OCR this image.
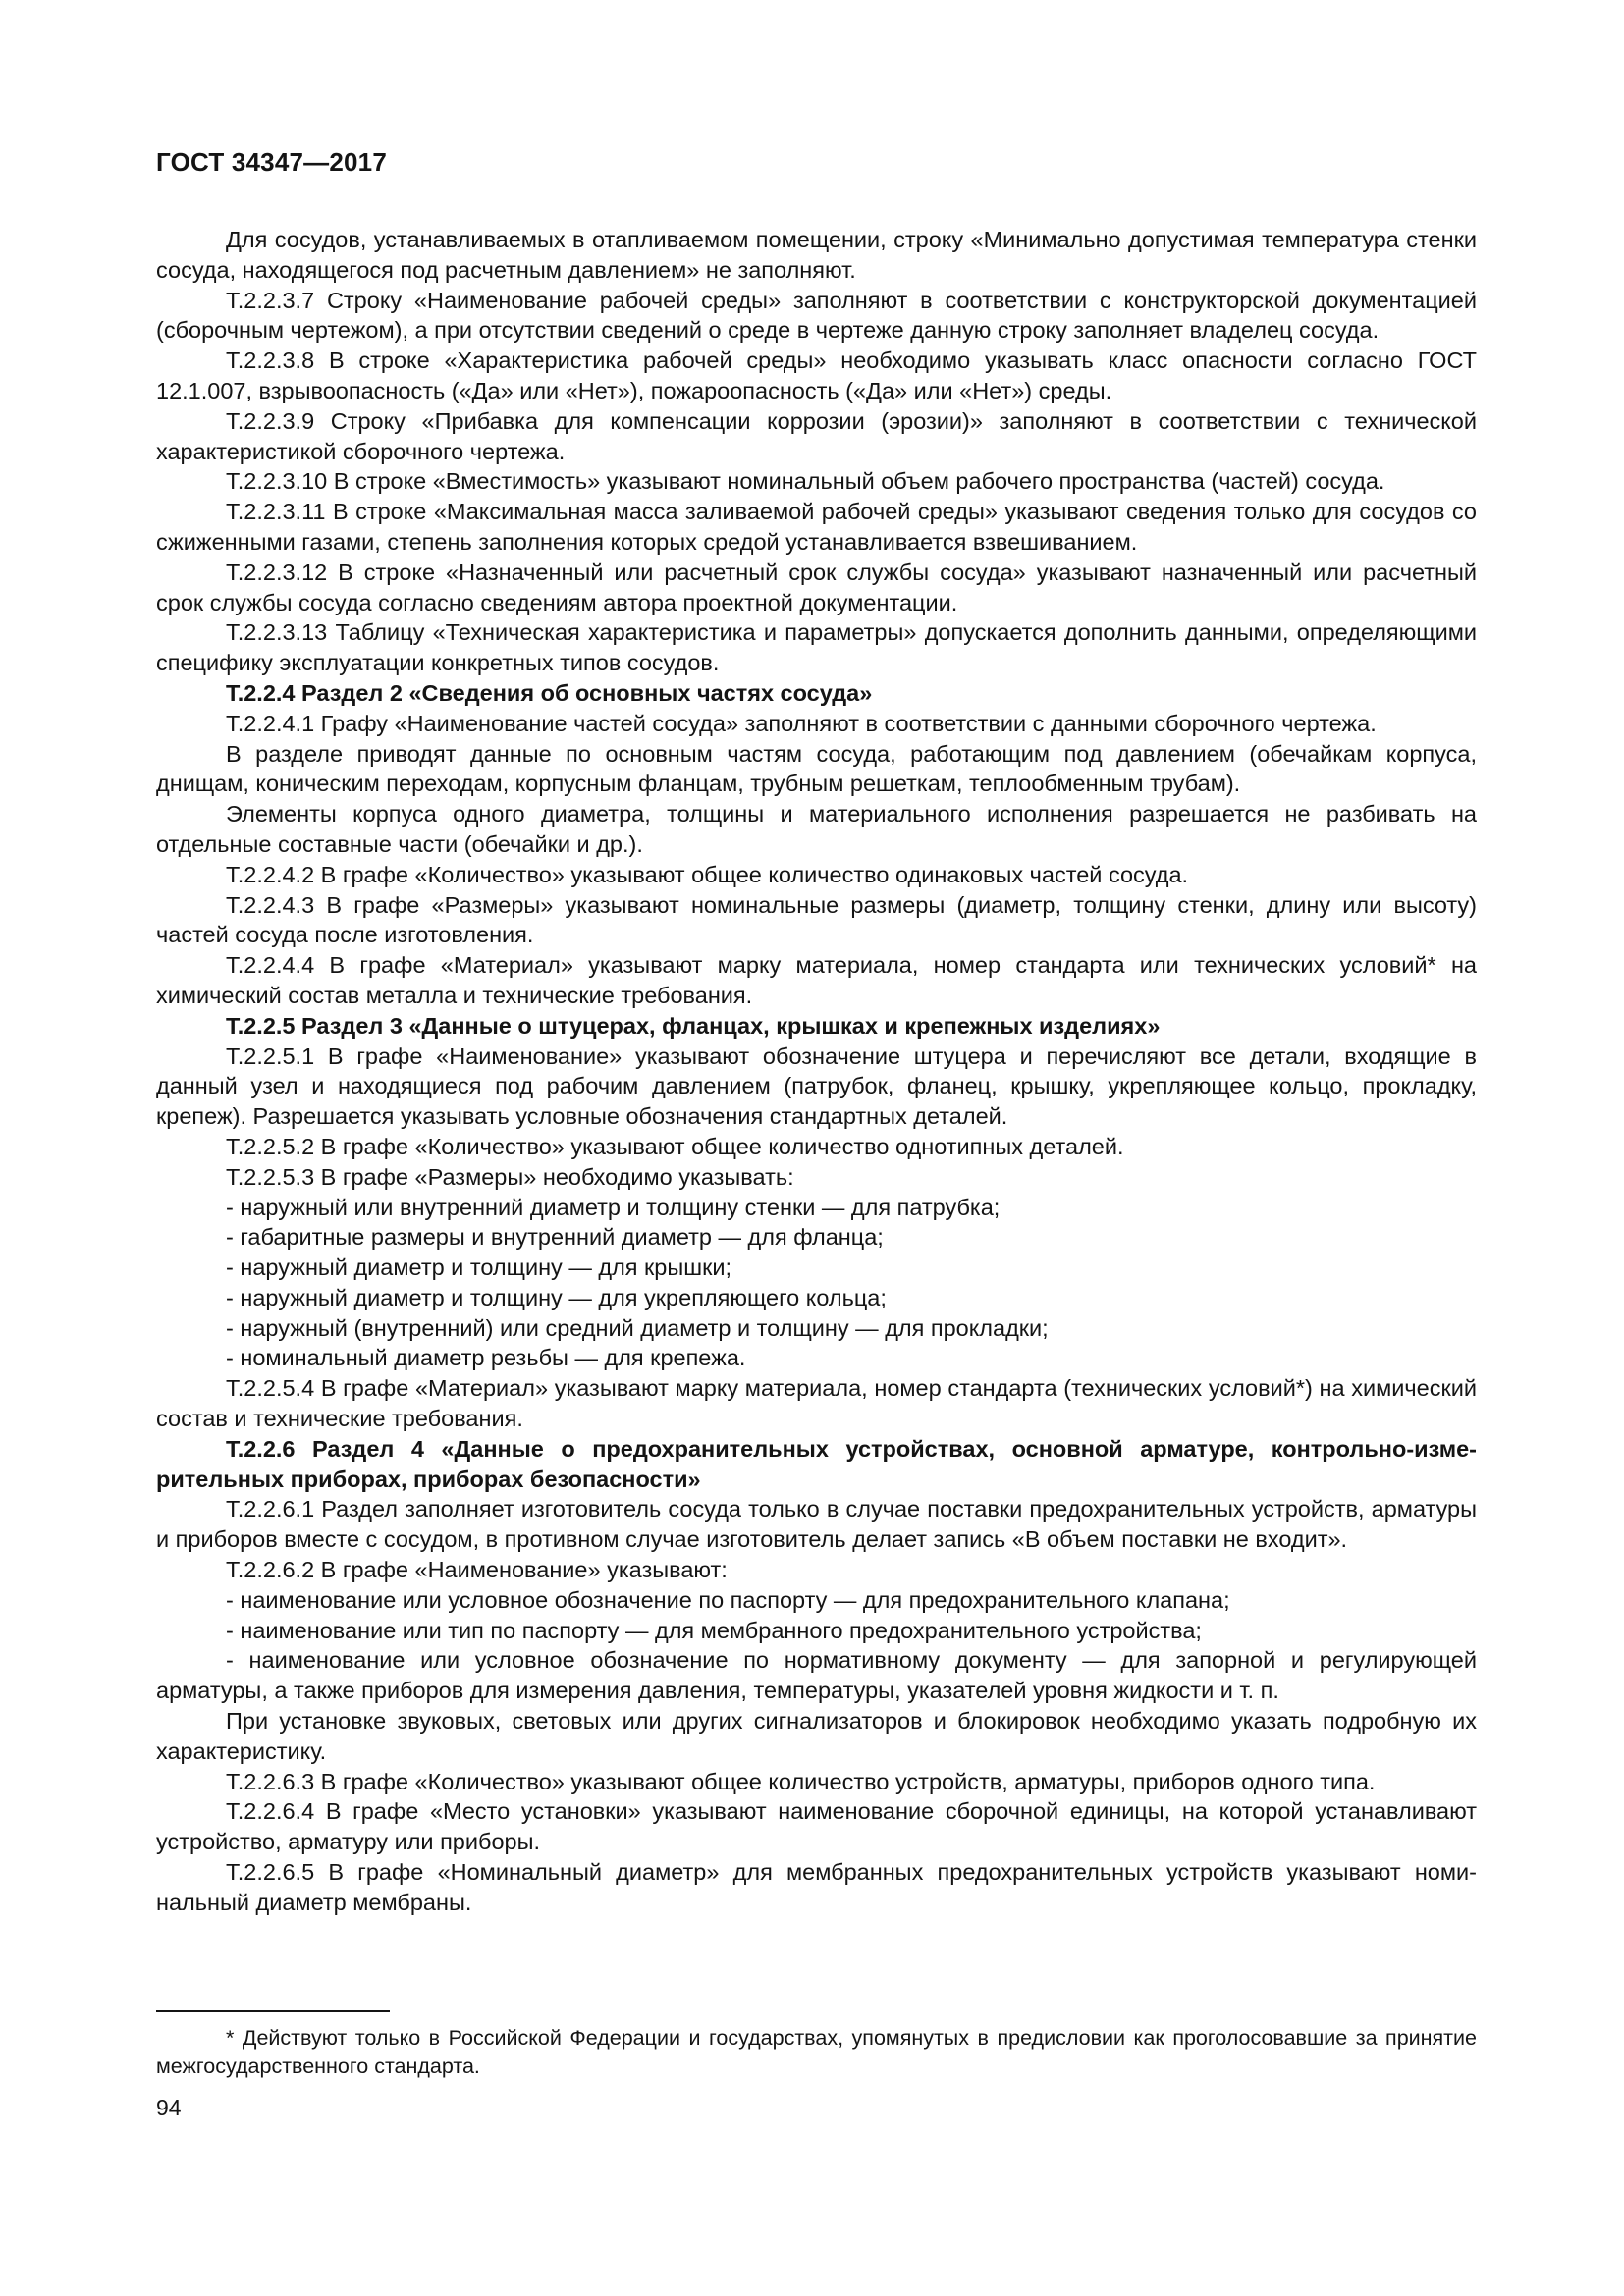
ГОСТ 34347—2017

Для сосудов, устанавливаемых в отапливаемом помещении, строку «Минимально допустимая температура стенки сосуда, находящегося под расчетным давлением» не заполняют.

Т.2.2.3.7 Строку «Наименование рабочей среды» заполняют в соответствии с конструкторской документацией (сборочным чертежом), а при отсутствии сведений о среде в чертеже данную строку заполняет владелец сосуда.

Т.2.2.3.8 В строке «Характеристика рабочей среды» необходимо указывать класс опасности согласно ГОСТ 12.1.007, взрывоопасность («Да» или «Нет»), пожароопасность («Да» или «Нет») среды.

Т.2.2.3.9 Строку «Прибавка для компенсации коррозии (эрозии)» заполняют в соответствии с технической характеристикой сборочного чертежа.

Т.2.2.3.10 В строке «Вместимость» указывают номинальный объем рабочего пространства (частей) сосуда.

Т.2.2.3.11 В строке «Максимальная масса заливаемой рабочей среды» указывают сведения только для сосудов со сжиженными газами, степень заполнения которых средой устанавливается взвешиванием.

Т.2.2.3.12 В строке «Назначенный или расчетный срок службы сосуда» указывают назначенный или расчетный срок службы сосуда согласно сведениям автора проектной документации.

Т.2.2.3.13 Таблицу «Техническая характеристика и параметры» допускается дополнить данными, определяющими специфику эксплуатации конкретных типов сосудов.

Т.2.2.4 Раздел 2 «Сведения об основных частях сосуда»

Т.2.2.4.1 Графу «Наименование частей сосуда» заполняют в соответствии с данными сборочного чертежа.

В разделе приводят данные по основным частям сосуда, работающим под давлением (обечайкам корпуса, днищам, коническим переходам, корпусным фланцам, трубным решеткам, теплообменным трубам).

Элементы корпуса одного диаметра, толщины и материального исполнения разрешается не разбивать на отдельные составные части (обечайки и др.).

Т.2.2.4.2 В графе «Количество» указывают общее количество одинаковых частей сосуда.

Т.2.2.4.3 В графе «Размеры» указывают номинальные размеры (диаметр, толщину стенки, длину или высоту) частей сосуда после изготовления.

Т.2.2.4.4 В графе «Материал» указывают марку материала, номер стандарта или технических условий* на химический состав металла и технические требования.

Т.2.2.5 Раздел 3 «Данные о штуцерах, фланцах, крышках и крепежных изделиях»

Т.2.2.5.1 В графе «Наименование» указывают обозначение штуцера и перечисляют все детали, входящие в данный узел и находящиеся под рабочим давлением (патрубок, фланец, крышку, укрепляющее кольцо, прокладку, крепеж). Разрешается указывать условные обозначения стандартных деталей.

Т.2.2.5.2 В графе «Количество» указывают общее количество однотипных деталей.

Т.2.2.5.3 В графе «Размеры» необходимо указывать:

- наружный или внутренний диаметр и толщину стенки — для патрубка;

- габаритные размеры и внутренний диаметр — для фланца;

- наружный диаметр и толщину — для крышки;

- наружный диаметр и толщину — для укрепляющего кольца;

- наружный (внутренний) или средний диаметр и толщину — для прокладки;

- номинальный диаметр резьбы — для крепежа.

Т.2.2.5.4 В графе «Материал» указывают марку материала, номер стандарта (технических условий*) на химический состав и технические требования.

Т.2.2.6 Раздел 4 «Данные о предохранительных устройствах, основной арматуре, контрольно-измерительных приборах, приборах безопасности»

Т.2.2.6.1 Раздел заполняет изготовитель сосуда только в случае поставки предохранительных устройств, арматуры и приборов вместе с сосудом, в противном случае изготовитель делает запись «В объем поставки не входит».

Т.2.2.6.2 В графе «Наименование» указывают:

- наименование или условное обозначение по паспорту — для предохранительного клапана;

- наименование или тип по паспорту — для мембранного предохранительного устройства;

- наименование или условное обозначение по нормативному документу — для запорной и регулирующей арматуры, а также приборов для измерения давления, температуры, указателей уровня жидкости и т. п.

При установке звуковых, световых или других сигнализаторов и блокировок необходимо указать подробную их характеристику.

Т.2.2.6.3 В графе «Количество» указывают общее количество устройств, арматуры, приборов одного типа.

Т.2.2.6.4 В графе «Место установки» указывают наименование сборочной единицы, на которой устанавливают устройство, арматуру или приборы.

Т.2.2.6.5 В графе «Номинальный диаметр» для мембранных предохранительных устройств указывают номинальный диаметр мембраны.

* Действуют только в Российской Федерации и государствах, упомянутых в предисловии как проголосовавшие за принятие межгосударственного стандарта.
94
